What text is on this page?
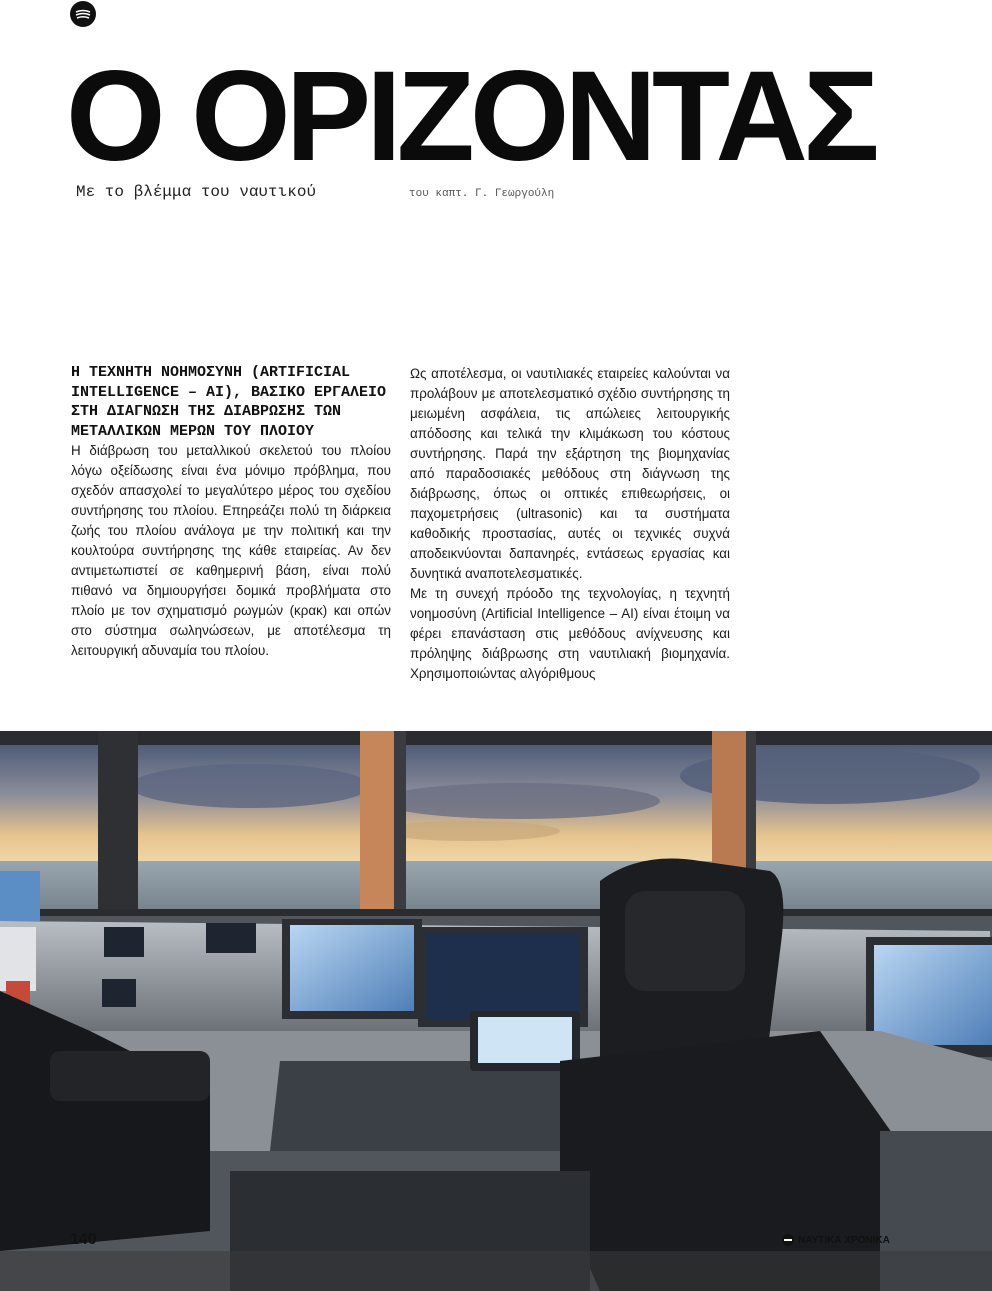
Ο ΟΡΙΖΟΝΤΑΣ
Με το βλέμμα του ναυτικού	του καπτ. Γ. Γεωργούλη
Η ΤΕΧΝΗΤΗ ΝΟΗΜΟΣΥΝΗ (ARTIFICIAL INTELLIGENCE – AI), ΒΑΣΙΚΟ ΕΡΓΑΛΕΙΟ ΣΤΗ ΔΙΑΓΝΩΣΗ ΤΗΣ ΔΙΑΒΡΩΣΗΣ ΤΩΝ ΜΕΤΑΛΛΙΚΩΝ ΜΕΡΩΝ ΤΟΥ ΠΛΟΙΟΥ

Η διάβρωση του μεταλλικού σκελετού του πλοίου λόγω οξείδωσης είναι ένα μόνιμο πρόβλημα, που σχεδόν απασχολεί το μεγαλύτερο μέρος του σχεδίου συντήρησης του πλοίου. Επηρεάζει πολύ τη διάρκεια ζωής του πλοίου ανάλογα με την πολιτική και την κουλτούρα συντήρησης της κάθε εταιρείας. Αν δεν αντιμετωπιστεί σε καθημερινή βάση, είναι πολύ πιθανό να δημιουργήσει δομικά προβλήματα στο πλοίο με τον σχηματισμό ρωγμών (κρακ) και οπών στο σύστημα σωληνώσεων, με αποτέλεσμα τη λειτουργική αδυναμία του πλοίου.

Ως αποτέλεσμα, οι ναυτιλιακές εταιρείες καλούνται να προλάβουν με αποτελεσματικό σχέδιο συντήρησης τη μειωμένη ασφάλεια, τις απώλειες λειτουργικής απόδοσης και τελικά την κλιμάκωση του κόστους συντήρησης. Παρά την εξάρτηση της βιομηχανίας από παραδοσιακές μεθόδους στη διάγνωση της διάβρωσης, όπως οι οπτικές επιθεωρήσεις, οι παχομετρήσεις (ultrasonic) και τα συστήματα καθοδικής προστασίας, αυτές οι τεχνικές συχνά αποδεικνύονται δαπανηρές, εντάσεως εργασίας και δυνητικά αναποτελεσματικές.

Με τη συνεχή πρόοδο της τεχνολογίας, η τεχνητή νοημοσύνη (Artificial Intelligence – AI) είναι έτοιμη να φέρει επανάσταση στις μεθόδους ανίχνευσης και πρόληψης διάβρωσης στη ναυτιλιακή βιομηχανία. Χρησιμοποιώντας αλγόριθμους

140	ΝΑΥΤΙΚΑ ΧΡΟΝΙΚΑ
